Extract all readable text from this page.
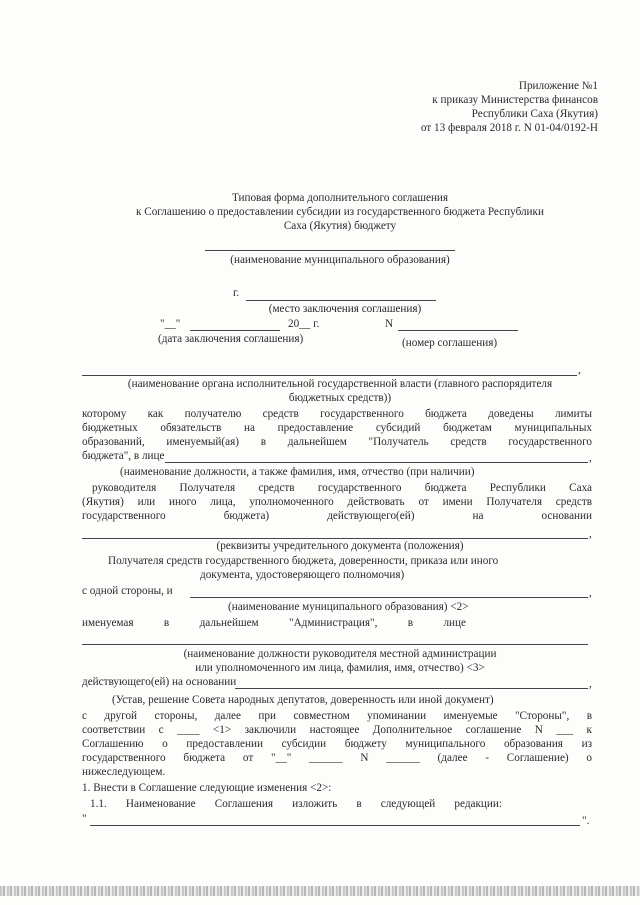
Приложение №1
к приказу Министерства финансов
Республики Саха (Якутия)
от 13 февраля 2018 г. N 01-04/0192-Н
Типовая форма дополнительного соглашения
к Соглашению о предоставлении субсидии из государственного бюджета Республики
Саха (Якутия) бюджету
(наименование муниципального образования)
г.
(место заключения соглашения)
"__"	20__ г.	N
(дата заключения соглашения)	(номер соглашения)
,
(наименование органа исполнительной государственной власти (главного распорядителя
бюджетных средств))
которому как получателю средств государственного бюджета доведены лимиты
бюджетных обязательств на предоставление субсидий бюджетам муниципальных
образований, именуемый(ая) в дальнейшем "Получатель средств государственного
бюджета", в лице	,
(наименование должности, а также фамилия, имя, отчество (при наличии)
руководителя Получателя средств государственного бюджета Республики Саха
(Якутия) или иного лица, уполномоченного действовать от имени Получателя средств
государственного бюджета) действующего(ей) на основании
,
(реквизиты учредительного документа (положения)
Получателя средств государственного бюджета, доверенности, приказа или иного
документа, удостоверяющего полномочия)
с одной стороны, и	,
(наименование муниципального образования) <2>
именуемая в дальнейшем "Администрация", в лице
(наименование должности руководителя местной администрации
или уполномоченного им лица, фамилия, имя, отчество) <3>
действующего(ей) на основании	,
(Устав, решение Совета народных депутатов, доверенность или иной документ)
с другой стороны, далее при совместном упоминании именуемые "Стороны", в
соответствии с ____ <1> заключили настоящее Дополнительное соглашение N ___ к
Соглашению о предоставлении субсидии бюджету муниципального образования из
государственного бюджета от "__" ______ N ______ (далее - Соглашение) о
нижеследующем.
1. Внести в Соглашение следующие изменения <2>:
1.1. Наименование Соглашения изложить в следующей редакции:
"	".
